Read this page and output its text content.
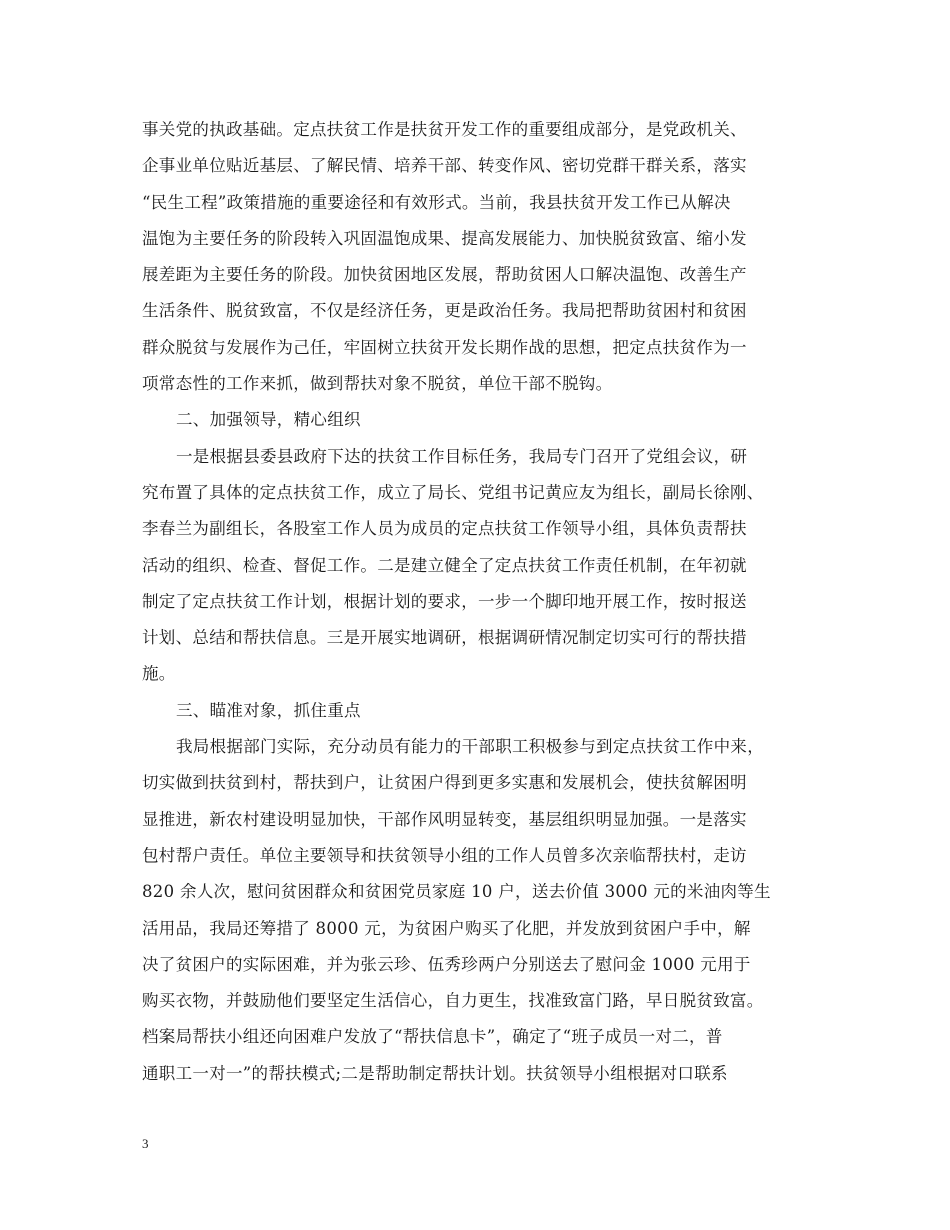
事关党的执政基础。定点扶贫工作是扶贫开发工作的重要组成部分，是党政机关、
企事业单位贴近基层、了解民情、培养干部、转变作风、密切党群干群关系，落实
“民生工程”政策措施的重要途径和有效形式。当前，我县扶贫开发工作已从解决
温饱为主要任务的阶段转入巩固温饱成果、提高发展能力、加快脱贫致富、缩小发
展差距为主要任务的阶段。加快贫困地区发展，帮助贫困人口解决温饱、改善生产
生活条件、脱贫致富，不仅是经济任务，更是政治任务。我局把帮助贫困村和贫困
群众脱贫与发展作为己任，牢固树立扶贫开发长期作战的思想，把定点扶贫作为一
项常态性的工作来抓，做到帮扶对象不脱贫，单位干部不脱钩。
二、加强领导，精心组织
一是根据县委县政府下达的扶贫工作目标任务，我局专门召开了党组会议，研
究布置了具体的定点扶贫工作，成立了局长、党组书记黄应友为组长，副局长徐刚、
李春兰为副组长，各股室工作人员为成员的定点扶贫工作领导小组，具体负责帮扶
活动的组织、检查、督促工作。二是建立健全了定点扶贫工作责任机制，在年初就
制定了定点扶贫工作计划，根据计划的要求，一步一个脚印地开展工作，按时报送
计划、总结和帮扶信息。三是开展实地调研，根据调研情况制定切实可行的帮扶措
施。
三、瞄准对象，抓住重点
我局根据部门实际，充分动员有能力的干部职工积极参与到定点扶贫工作中来，
切实做到扶贫到村，帮扶到户，让贫困户得到更多实惠和发展机会，使扶贫解困明
显推进，新农村建设明显加快，干部作风明显转变，基层组织明显加强。一是落实
包村帮户责任。单位主要领导和扶贫领导小组的工作人员曾多次亲临帮扶村，走访
820 余人次，慰问贫困群众和贫困党员家庭 10 户，送去价值 3000 元的米油肉等生
活用品，我局还筹措了 8000 元，为贫困户购买了化肥，并发放到贫困户手中，解
决了贫困户的实际困难，并为张云珍、伍秀珍两户分别送去了慰问金 1000 元用于
购买衣物，并鼓励他们要坚定生活信心，自力更生，找准致富门路，早日脱贫致富。
档案局帮扶小组还向困难户发放了“帮扶信息卡”，确定了“班子成员一对二，普
通职工一对一”的帮扶模式;二是帮助制定帮扶计划。扶贫领导小组根据对口联系
3
